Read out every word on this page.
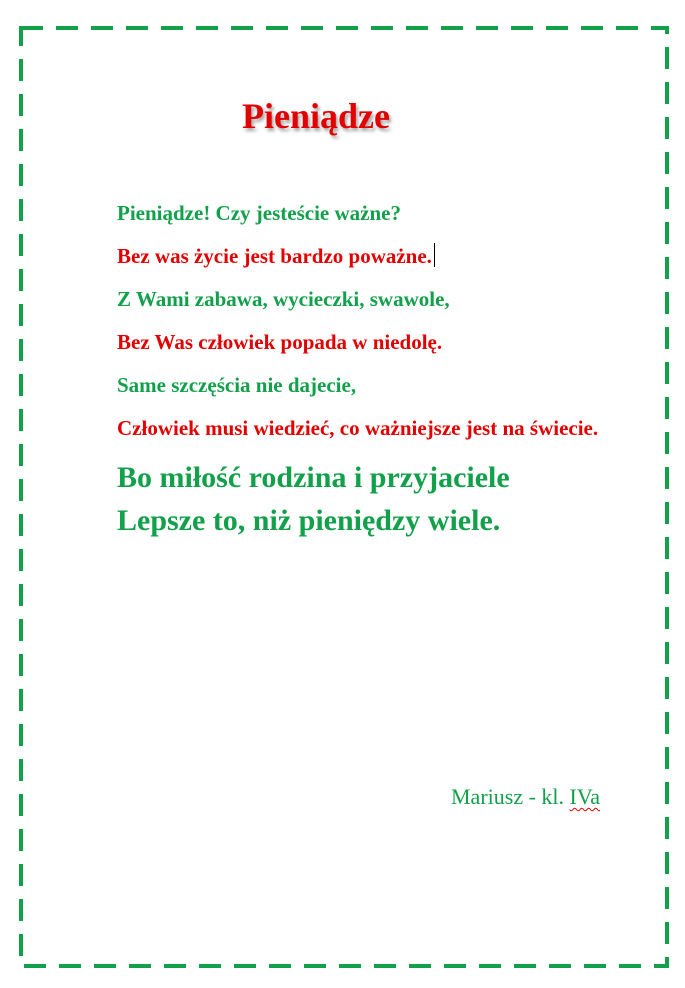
Pieniądze

Pieniądze! Czy jesteście ważne?

Bez was życie jest bardzo poważne.

Z Wami zabawa, wycieczki, swawole,

Bez Was człowiek popada w niedolę.

Same szczęścia nie dajecie,

Człowiek musi wiedzieć, co ważniejsze jest na świecie.

Bo miłość rodzina i przyjaciele

Lepsze to, niż pieniędzy wiele.

Mariusz - kl. IVa
